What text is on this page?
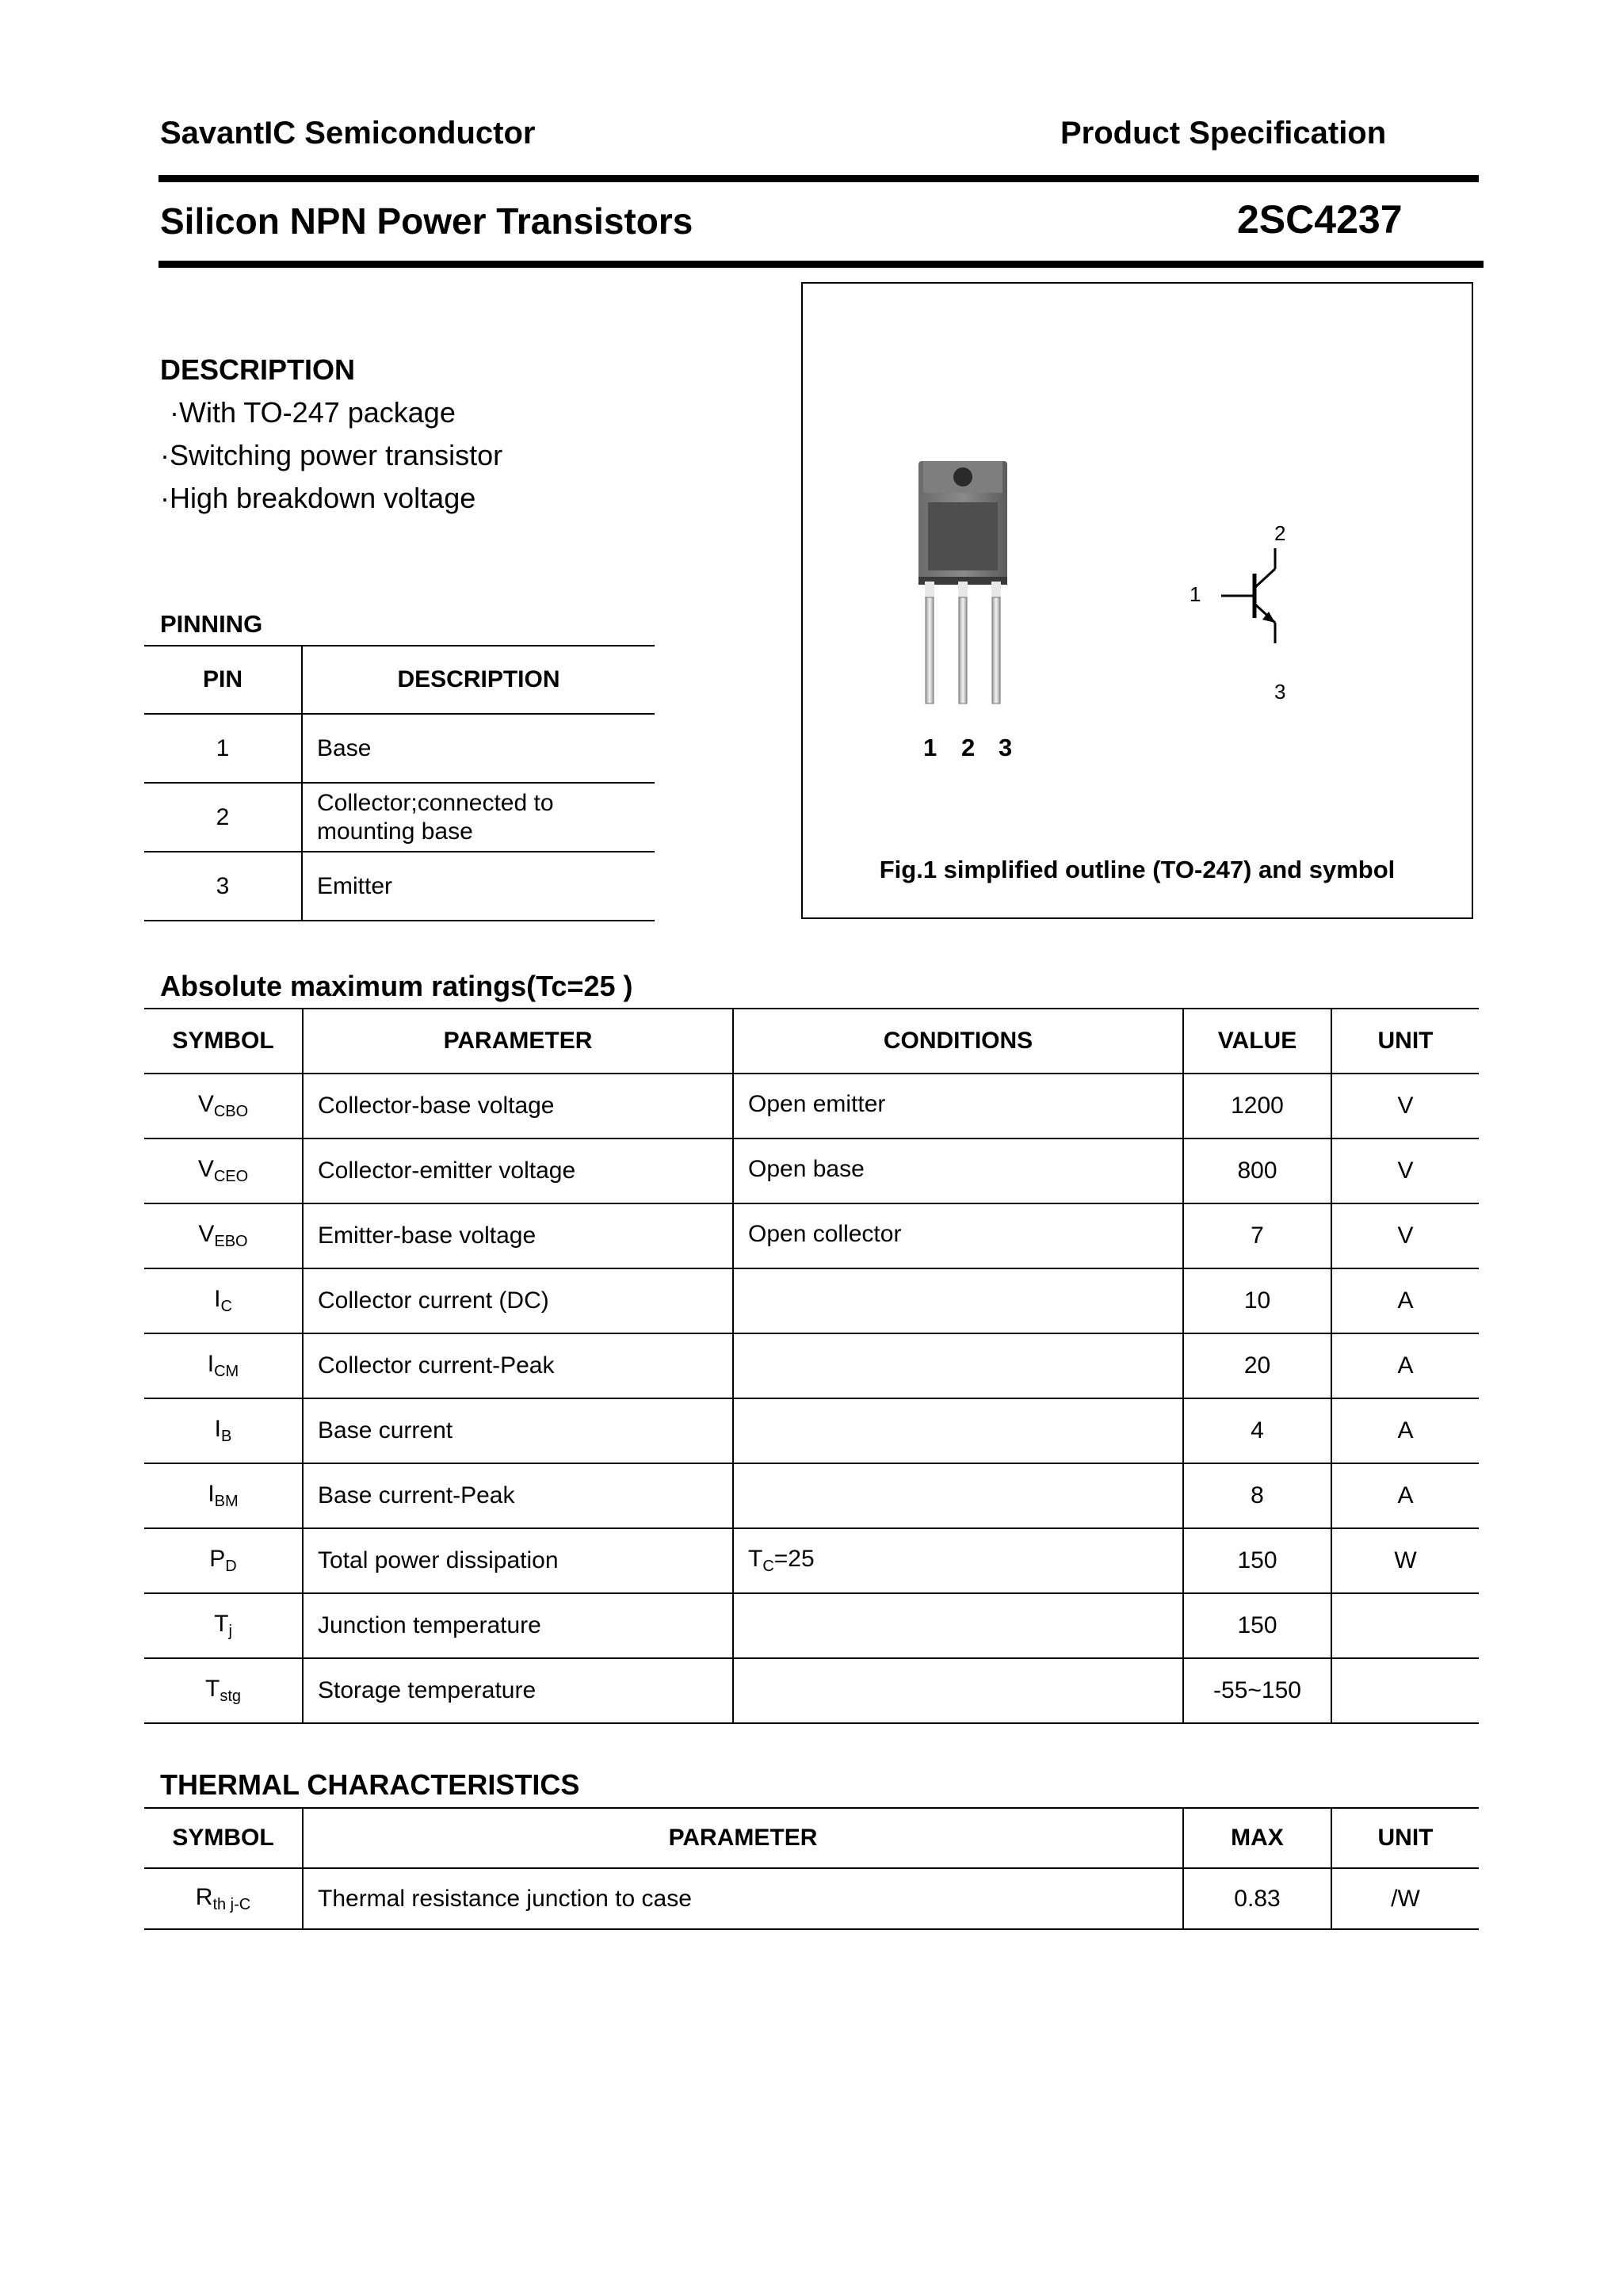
SavantIC Semiconductor	Product Specification
Silicon NPN Power Transistors	2SC4237
DESCRIPTION
·With TO-247 package
·Switching power transistor
·High breakdown voltage
PINNING
PIN	DESCRIPTION
1	Base
2	Collector;connected to
mounting base

3	Emitter
1 2 3
2
1
3
Fig.1 simplified outline (TO-247) and symbol
Absolute maximum ratings(Tc=25 )
SYMBOL	PARAMETER	CONDITIONS	VALUE	UNIT
$V_{CBO}$	Collector-base voltage	Open emitter	1200	V
$V_{CEO}$	Collector-emitter voltage	Open base	800	V
$V_{EBO}$	Emitter-base voltage	Open collector	7	V
$I_C$	Collector current (DC)		10	A
$I_{CM}$	Collector current-Peak		20	A
$I_B$	Base current		4	A
$I_{BM}$	Base current-Peak		8	A
$P_D$	Total power dissipation	$T_C=25$	150	W
$T_j$	Junction temperature		150	
$T_{stg}$	Storage temperature		-55~150	
THERMAL CHARACTERISTICS
SYMBOL	PARAMETER	MAX	UNIT
$R_{th j-C}$	Thermal resistance junction to case	0.83	/W
